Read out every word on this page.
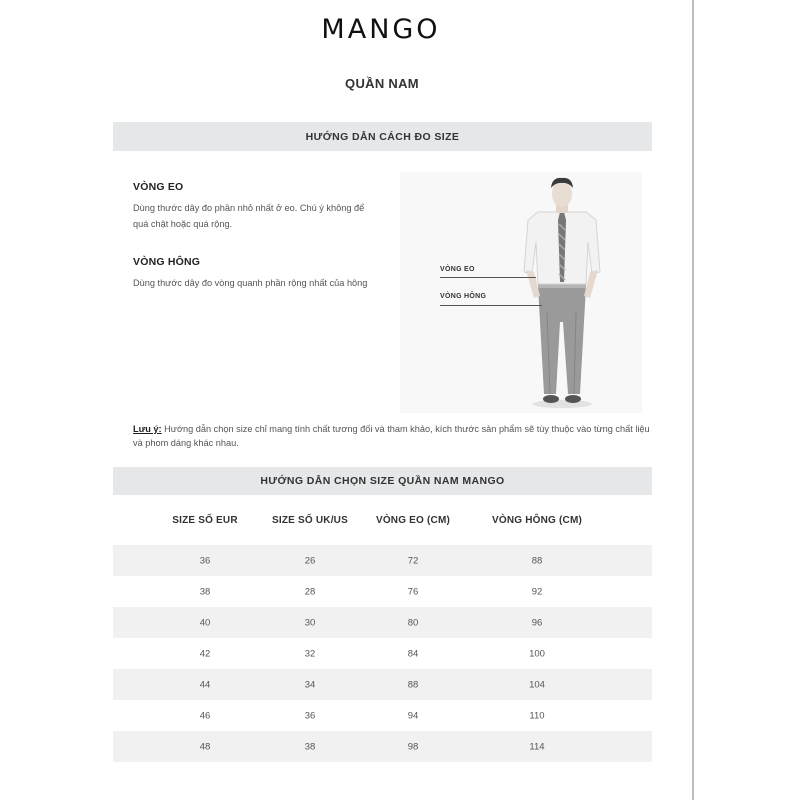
MANGO
QUẦN NAM
HƯỚNG DẪN CÁCH ĐO SIZE
VÒNG EO

Dùng thước dây đo phần nhỏ nhất ở eo. Chú ý không để quá chật hoặc quá rộng.

VÒNG HÔNG

Dùng thước dây đo vòng quanh phần rộng nhất của hông

VÒNG EO
VÒNG HÔNG
Lưu ý: Hướng dẫn chọn size chỉ mang tính chất tương đối và tham khảo, kích thước sản phẩm sẽ tùy thuộc vào từng chất liệu và phom dáng khác nhau.
HƯỚNG DẪN CHỌN SIZE QUẦN NAM MANGO
SIZE SỐ EUR	SIZE SỐ UK/US	VÒNG EO (CM)	VÒNG HÔNG (CM)
36	26	72	88
38	28	76	92
40	30	80	96
42	32	84	100
44	34	88	104
46	36	94	110
48	38	98	114
